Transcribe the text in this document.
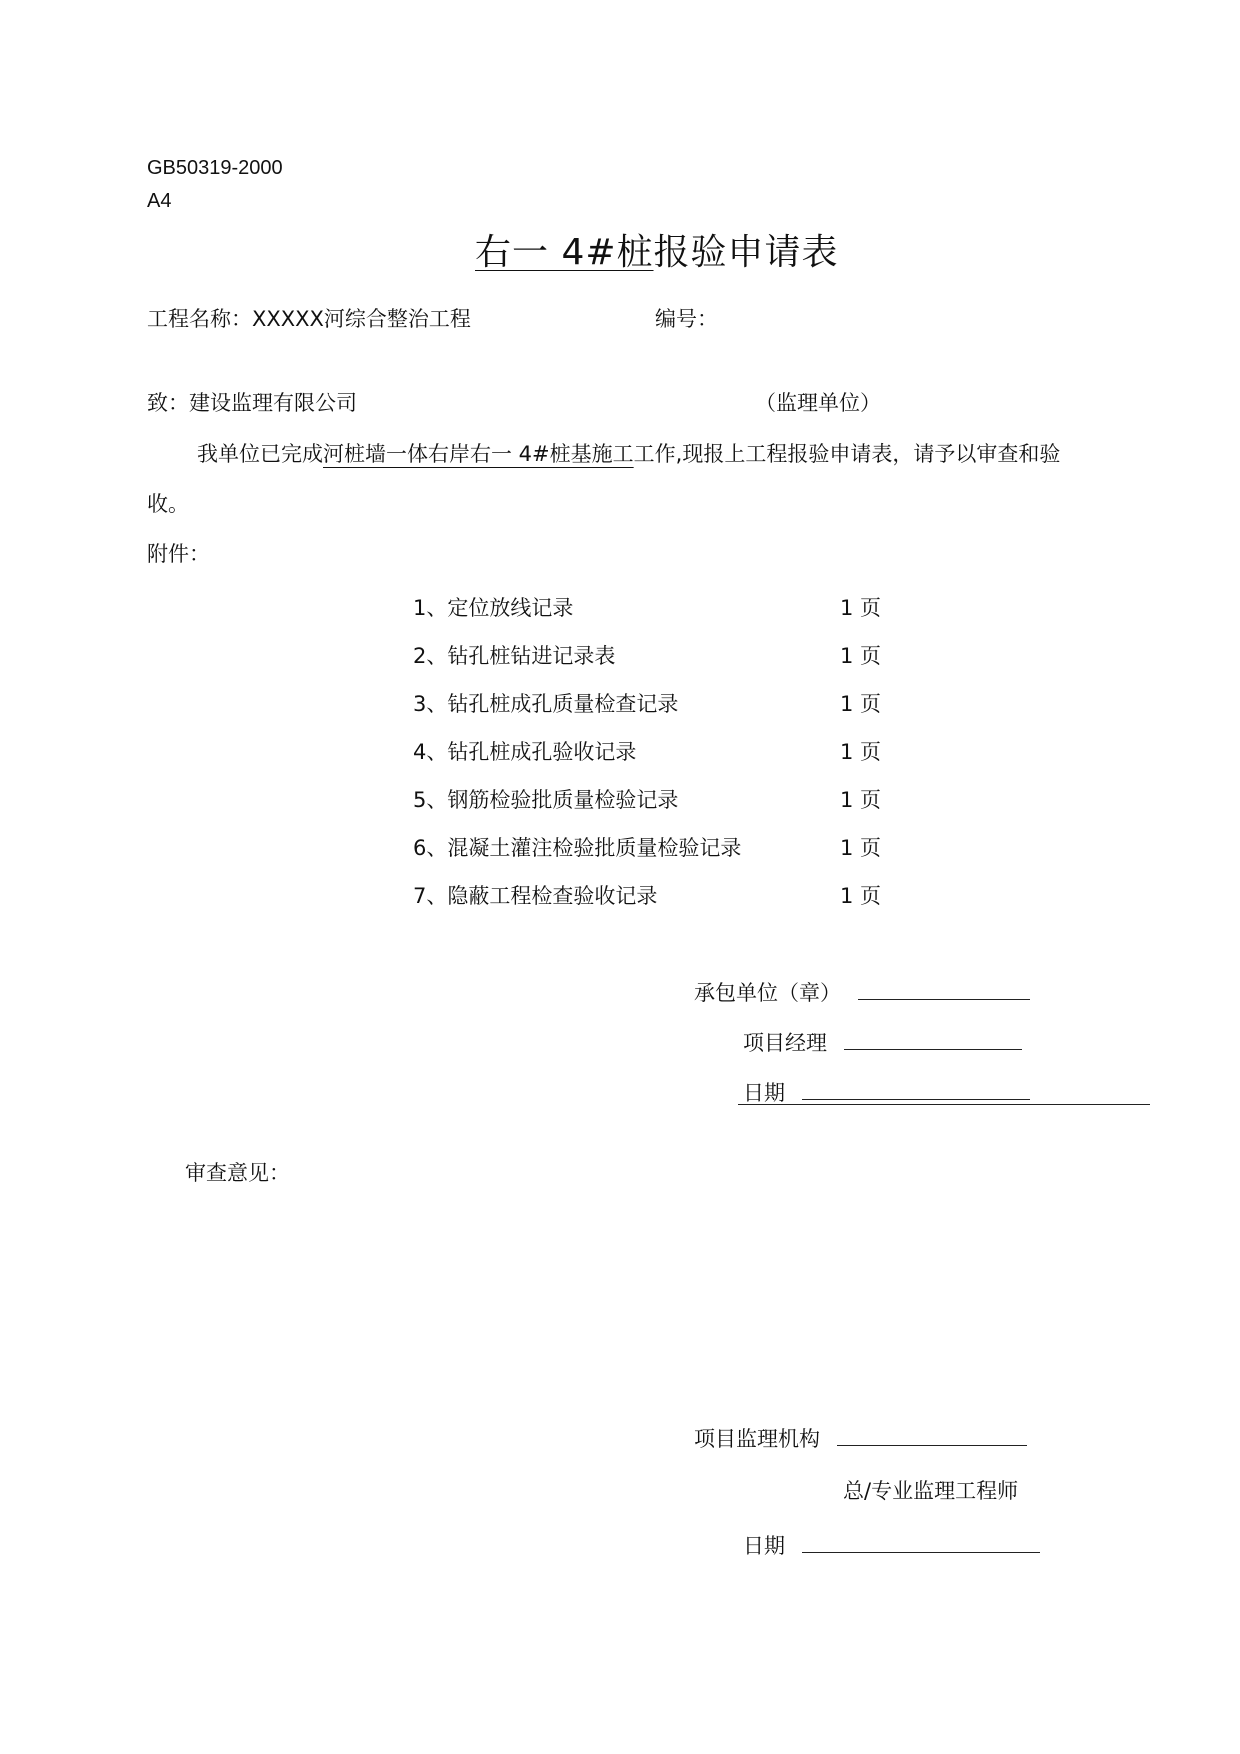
GB50319-2000
A4
右一 4#桩报验申请表
工程名称：XXXXX河综合整治工程	编号：
致：建设监理有限公司	（监理单位）
我单位已完成河桩墙一体右岸右一 4#桩基施工工作,现报上工程报验申请表，请予以审查和验
收。
附件：
1、定位放线记录	1 页
2、钻孔桩钻进记录表	1 页
3、钻孔桩成孔质量检查记录	1 页
4、钻孔桩成孔验收记录	1 页
5、钢筋检验批质量检验记录	1 页
6、混凝土灌注检验批质量检验记录	1 页
7、隐蔽工程检查验收记录	1 页
承包单位（章）
项目经理
日期
审查意见：
项目监理机构
总/专业监理工程师
日期
